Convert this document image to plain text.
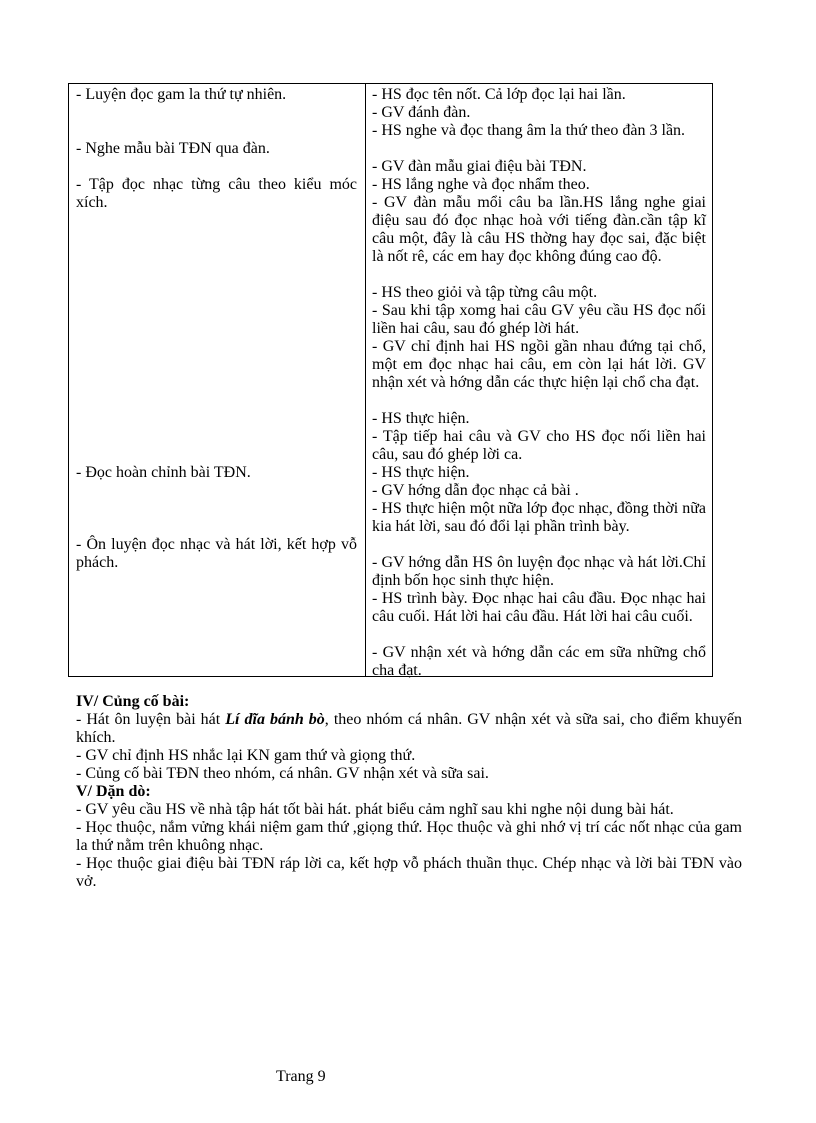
- Luyện đọc gam la thứ tự nhiên.
- Nghe mẫu bài TĐN qua đàn.
- Tập đọc nhạc từng câu theo kiểu móc xích.
- Đọc hoàn chỉnh bài TĐN.
- Ôn luyện đọc nhạc và hát lời, kết hợp vỗ phách.
- HS đọc tên nốt. Cả lớp đọc lại hai lần.
- GV đánh đàn.
- HS nghe và đọc thang âm la thứ theo đàn 3 lần.
- GV đàn mẫu giai điệu bài TĐN.
- HS lắng nghe và đọc nhẩm theo.
- GV đàn mẫu mổi câu ba lần.HS lắng nghe giai điệu sau đó đọc nhạc hoà với tiếng đàn.cần tập kĩ câu một, đây là câu HS thờng hay đọc sai, đặc biệt là nốt rê, các em hay đọc không đúng cao độ.
- HS theo giỏi và tập từng câu một.
- Sau khi tập xomg hai câu GV yêu cầu HS đọc nối liền hai câu, sau đó ghép lời hát.
- GV chỉ định hai HS ngồi gần nhau đứng tại chổ, một em đọc nhạc hai câu, em còn lại hát lời. GV nhận xét và hớng dẫn các thực hiện lại chổ cha đạt.
- HS thực hiện.
- Tập tiếp hai câu và GV cho HS đọc nối liền hai câu, sau đó ghép lời ca.
- HS thực hiện.
- GV hớng dẫn đọc nhạc cả bài .
- HS thực hiện một nữa lớp đọc nhạc, đồng thời nữa kia hát lời, sau đó đổi lại phần trình bày.
- GV hớng dẫn HS ôn luyện đọc nhạc và hát lời.Chỉ định bốn học sinh thực hiện.
- HS trình bày. Đọc nhạc hai câu đầu. Đọc nhạc hai câu cuối. Hát lời hai câu đầu. Hát lời hai câu cuối.
- GV nhận xét và hớng dẫn các em sữa những chổ cha đạt.
IV/ Củng cố bài:
- Hát ôn luyện bài hát Lí dĩa bánh bò, theo nhóm cá nhân. GV nhận xét và sữa sai, cho điểm khuyến khích.
- GV chỉ định HS nhắc lại KN gam thứ và giọng thứ.
- Củng cố bài TĐN theo nhóm, cá nhân. GV nhận xét và sữa sai.
V/ Dặn dò:
- GV yêu cầu HS về nhà tập hát tốt bài hát. phát biểu cảm nghĩ sau khi nghe nội dung bài hát.
- Học thuộc, nắm vửng khái niệm gam thứ ,giọng thứ. Học thuộc và ghi nhớ vị trí các nốt nhạc của gam la thứ nằm trên khuông nhạc.
- Học thuộc giai điệu bài TĐN ráp lời ca, kết hợp vỗ phách thuần thục. Chép nhạc và lời bài TĐN vào vở.
Trang 9
